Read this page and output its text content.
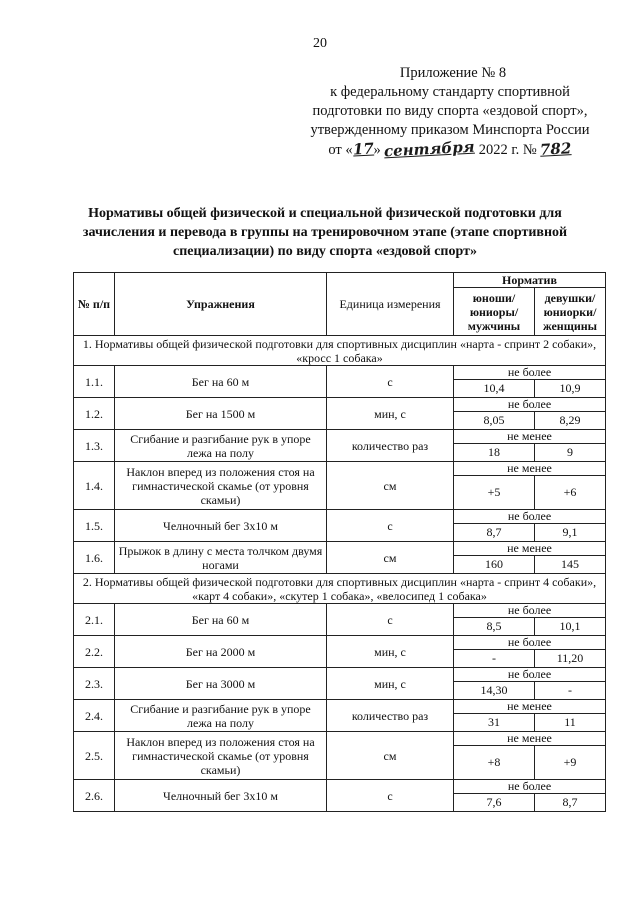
20
Приложение № 8
к федеральному стандарту спортивной
подготовки по виду спорта «ездовой спорт»,
утвержденному приказом Минспорта России
от «17» сентября 2022 г. № 782
Нормативы общей физической и специальной физической подготовки для зачисления и перевода в группы на тренировочном этапе (этапе спортивной специализации) по виду спорта «ездовой спорт»
№ п/п	Упражнения	Единица измерения	Норматив	
			юноши/ юниоры/ мужчины	девушки/ юниорки/ женщины
1. Нормативы общей физической подготовки для спортивных дисциплин «нарта - спринт 2 собаки», «кросс 1 собака»				
1.1.	Бег на 60 м	с	не более	
			10,4	10,9
1.2.	Бег на 1500 м	мин, с	не более	
			8,05	8,29
1.3.	Сгибание и разгибание рук в упоре лежа на полу	количество раз	не менее	
			18	9
1.4.	Наклон вперед из положения стоя на гимнастической скамье (от уровня скамьи)	см	не менее	
			+5	+6
1.5.	Челночный бег 3х10 м	с	не более	
			8,7	9,1
1.6.	Прыжок в длину с места толчком двумя ногами	см	не менее	
			160	145
2. Нормативы общей физической подготовки для спортивных дисциплин «нарта - спринт 4 собаки», «карт 4 собаки», «скутер 1 собака», «велосипед 1 собака»				
2.1.	Бег на 60 м	с	не более	
			8,5	10,1
2.2.	Бег на 2000 м	мин, с	не более	
			-	11,20
2.3.	Бег на 3000 м	мин, с	не более	
			14,30	-
2.4.	Сгибание и разгибание рук в упоре лежа на полу	количество раз	не менее	
			31	11
2.5.	Наклон вперед из положения стоя на гимнастической скамье (от уровня скамьи)	см	не менее	
			+8	+9
2.6.	Челночный бег 3х10 м	с	не более	
			7,6	8,7
